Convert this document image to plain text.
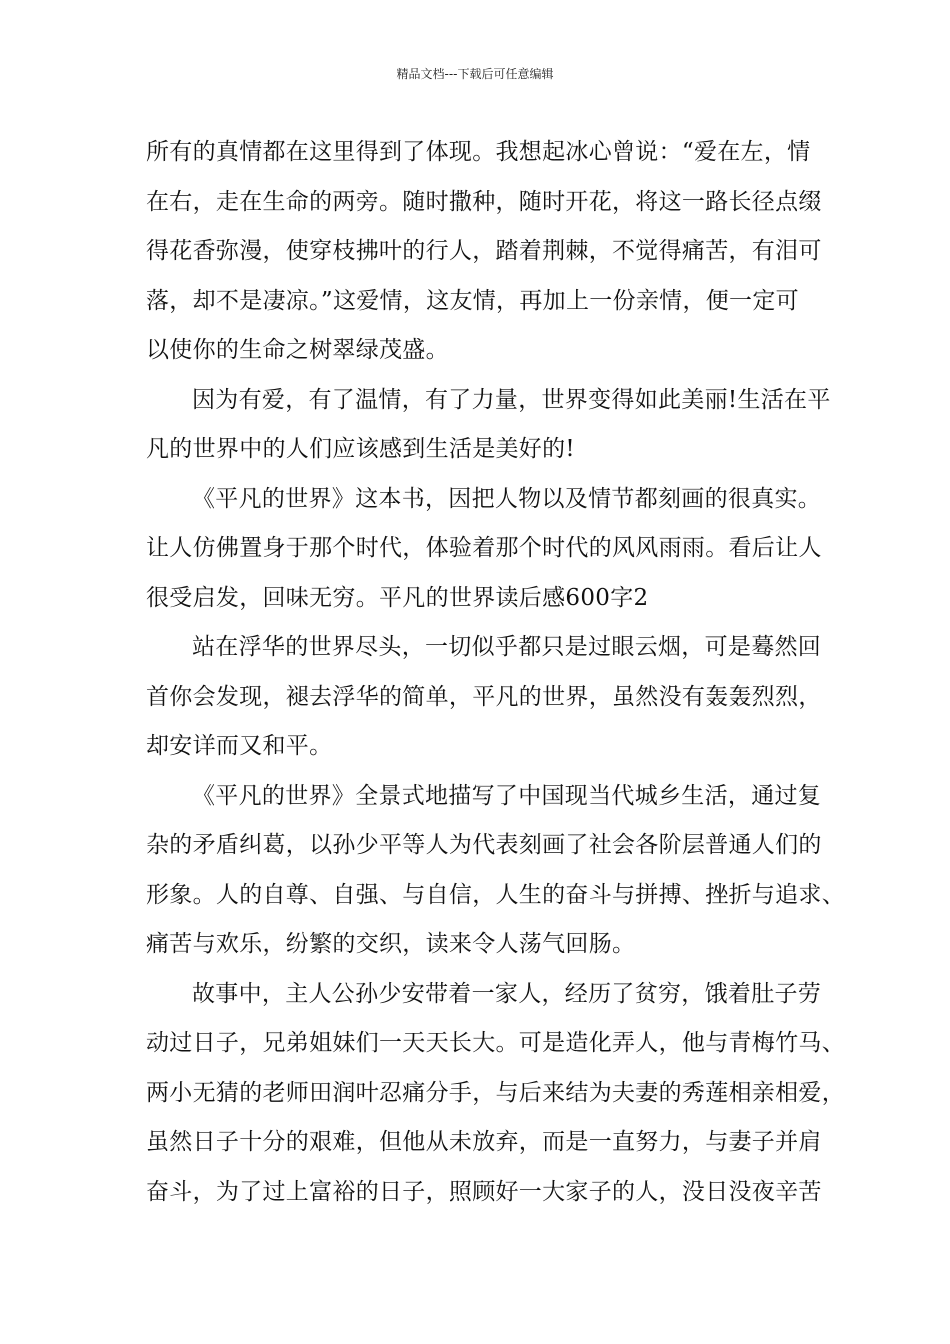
精品文档---下载后可任意编辑
所有的真情都在这里得到了体现。我想起冰心曾说：“爱在左，情
在右，走在生命的两旁。随时撒种，随时开花，将这一路长径点缀
得花香弥漫，使穿枝拂叶的行人，踏着荆棘，不觉得痛苦，有泪可
落，却不是凄凉。”这爱情，这友情，再加上一份亲情，便一定可
以使你的生命之树翠绿茂盛。
因为有爱，有了温情，有了力量，世界变得如此美丽!生活在平
凡的世界中的人们应该感到生活是美好的!
《平凡的世界》这本书，因把人物以及情节都刻画的很真实。
让人仿佛置身于那个时代，体验着那个时代的风风雨雨。看后让人
很受启发，回味无穷。平凡的世界读后感600字2
站在浮华的世界尽头，一切似乎都只是过眼云烟，可是蓦然回
首你会发现，褪去浮华的简单，平凡的世界，虽然没有轰轰烈烈，
却安详而又和平。
《平凡的世界》全景式地描写了中国现当代城乡生活，通过复
杂的矛盾纠葛，以孙少平等人为代表刻画了社会各阶层普通人们的
形象。人的自尊、自强、与自信，人生的奋斗与拼搏、挫折与追求、
痛苦与欢乐，纷繁的交织，读来令人荡气回肠。
故事中，主人公孙少安带着一家人，经历了贫穷，饿着肚子劳
动过日子，兄弟姐妹们一天天长大。可是造化弄人，他与青梅竹马、
两小无猜的老师田润叶忍痛分手，与后来结为夫妻的秀莲相亲相爱，
虽然日子十分的艰难，但他从未放弃，而是一直努力，与妻子并肩
奋斗，为了过上富裕的日子，照顾好一大家子的人，没日没夜辛苦
